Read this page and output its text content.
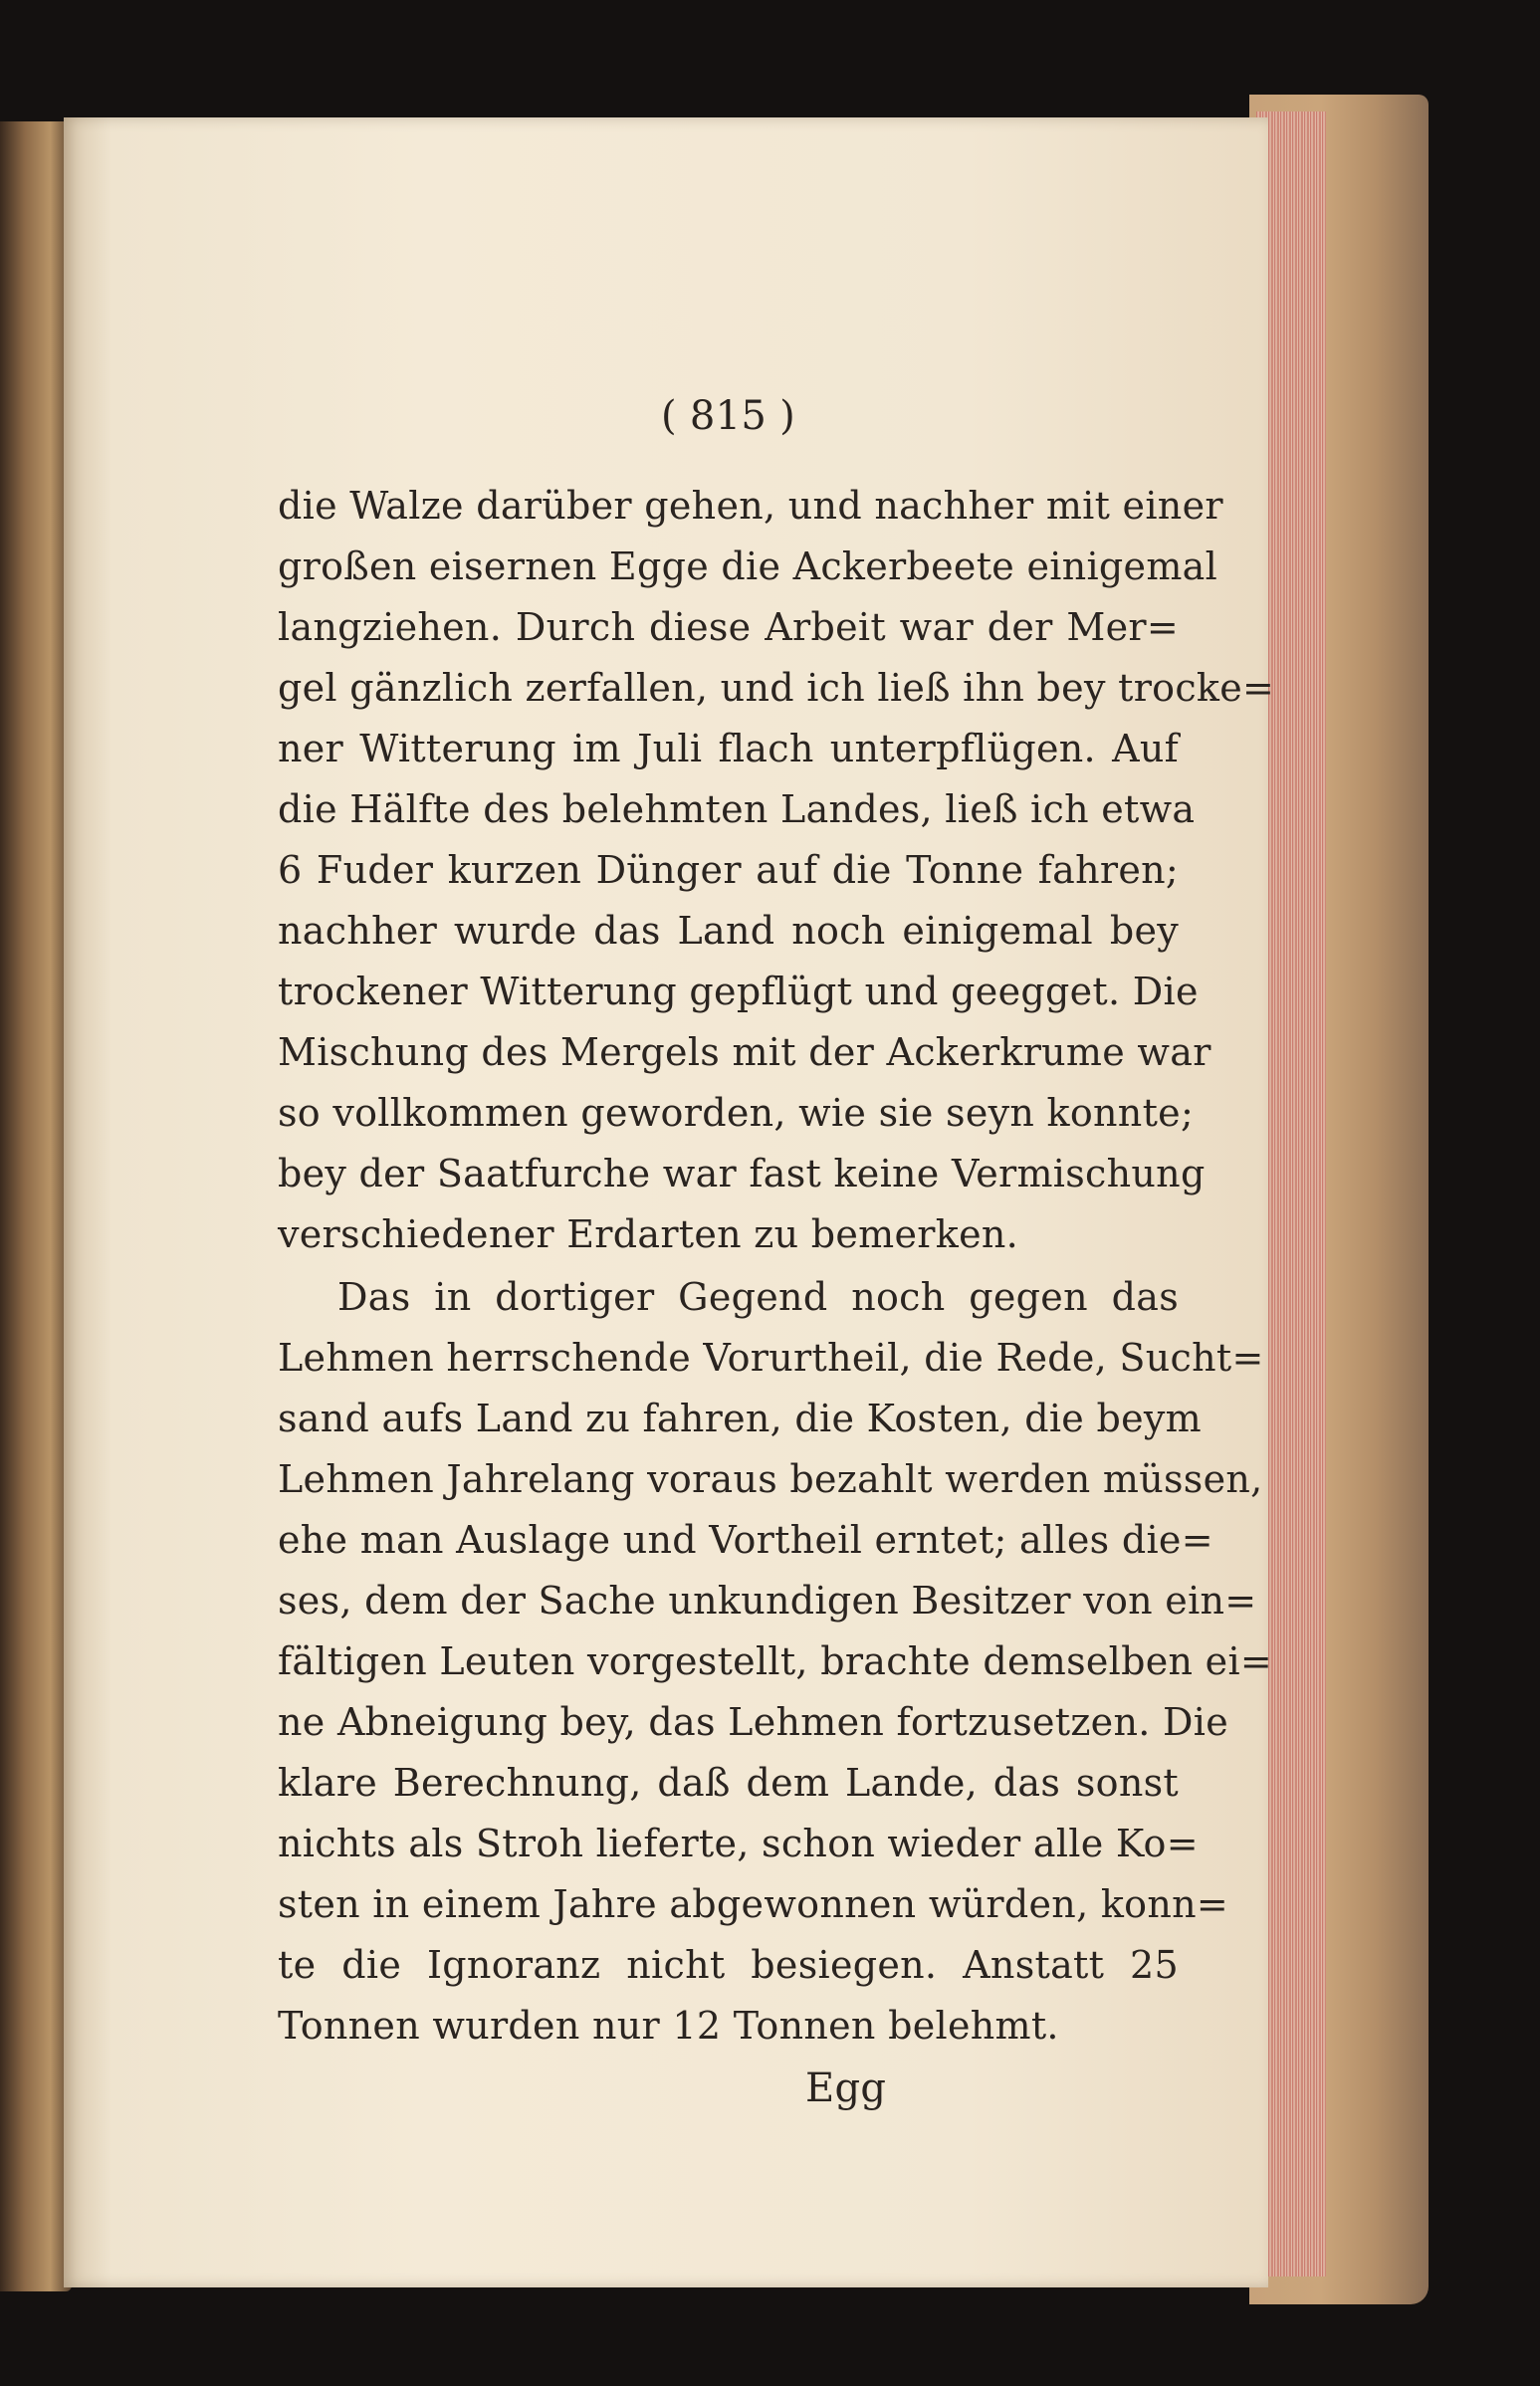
( 815 )
die Walze darüber gehen, und nachher mit einer
großen eisernen Egge die Ackerbeete einigemal
langziehen. Durch diese Arbeit war der Mer=
gel gänzlich zerfallen, und ich ließ ihn bey trocke=
ner Witterung im Juli flach unterpflügen. Auf
die Hälfte des belehmten Landes, ließ ich etwa
6 Fuder kurzen Dünger auf die Tonne fahren;
nachher wurde das Land noch einigemal bey
trockener Witterung gepflügt und geegget. Die
Mischung des Mergels mit der Ackerkrume war
so vollkommen geworden, wie sie seyn konnte;
bey der Saatfurche war fast keine Vermischung
verschiedener Erdarten zu bemerken.
Das in dortiger Gegend noch gegen das
Lehmen herrschende Vorurtheil, die Rede, Sucht=
sand aufs Land zu fahren, die Kosten, die beym
Lehmen Jahrelang voraus bezahlt werden müssen,
ehe man Auslage und Vortheil erntet; alles die=
ses, dem der Sache unkundigen Besitzer von ein=
fältigen Leuten vorgestellt, brachte demselben ei=
ne Abneigung bey, das Lehmen fortzusetzen. Die
klare Berechnung, daß dem Lande, das sonst
nichts als Stroh lieferte, schon wieder alle Ko=
sten in einem Jahre abgewonnen würden, konn=
te die Ignoranz nicht besiegen. Anstatt 25
Tonnen wurden nur 12 Tonnen belehmt.
Egg
